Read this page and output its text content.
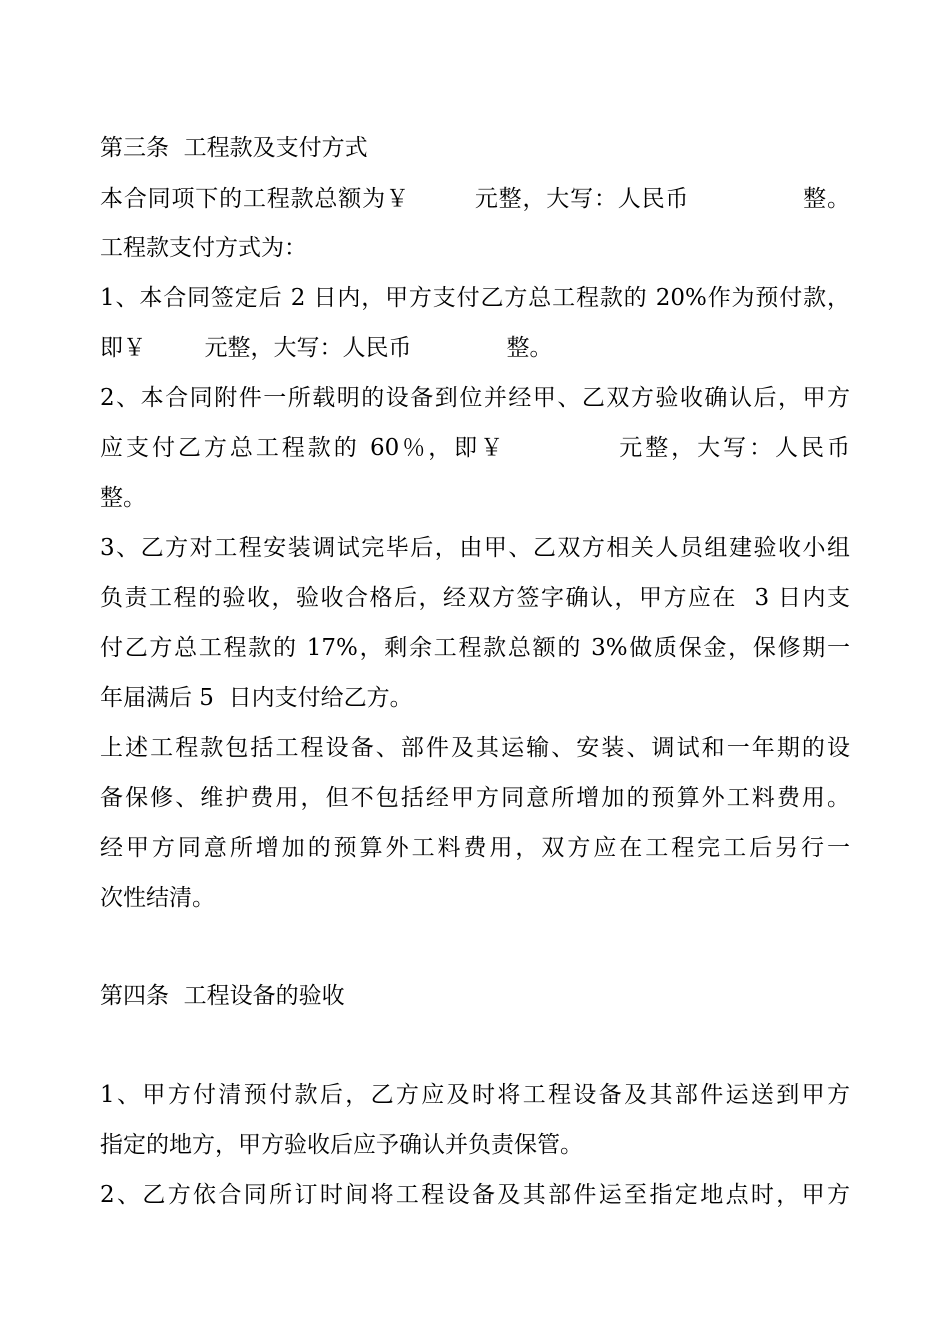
第三条  工程款及支付方式
本合同项下的工程款总额为￥        元整，大写：人民币              整。
工程款支付方式为：
1、本合同签定后 2 日内，甲方支付乙方总工程款的 20%作为预付款，
即￥        元整，大写：人民币             整。
2、本合同附件一所载明的设备到位并经甲、乙双方验收确认后，甲方
应支付乙方总工程款的 60％，即￥           元整，大写：人民币
整。
3、乙方对工程安装调试完毕后，由甲、乙双方相关人员组建验收小组
负责工程的验收，验收合格后，经双方签字确认，甲方应在  3 日内支
付乙方总工程款的 17%，剩余工程款总额的 3%做质保金，保修期一
年届满后 5  日内支付给乙方。
上述工程款包括工程设备、部件及其运输、安装、调试和一年期的设
备保修、维护费用，但不包括经甲方同意所增加的预算外工料费用。
经甲方同意所增加的预算外工料费用，双方应在工程完工后另行一
次性结清。
第四条  工程设备的验收
1、甲方付清预付款后，乙方应及时将工程设备及其部件运送到甲方
指定的地方，甲方验收后应予确认并负责保管。
2、乙方依合同所订时间将工程设备及其部件运至指定地点时，甲方
